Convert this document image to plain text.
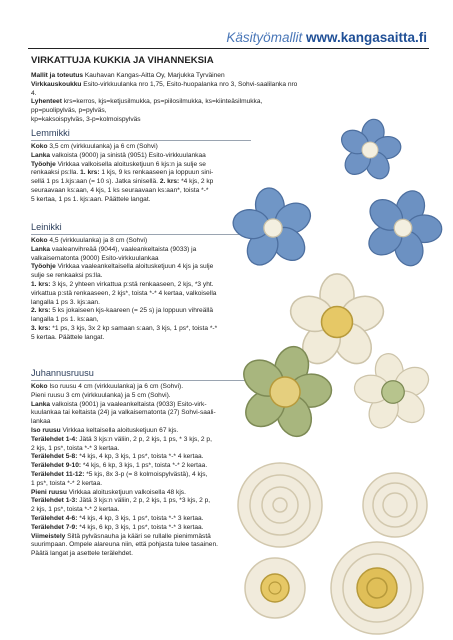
Käsityömallit www.kangasaitta.fi
VIRKATTUJA KUKKIA JA VIHANNEKSIA
Mallit ja toteutus Kauhavan Kangas-Aitta Oy, Marjukka Tyrväinen
Virkkauskoukku Esito-virkkuulanka nro 1,75, Esito-huopalanka nro 3, Sohvi-saalilanka nro 4.
Lyhenteet krs=kerros, kjs=ketjusilmukka, ps=piilosilmukka, ks=kiinteäsilmukka, pp=puolipylväs, p=pylväs,
kp=kaksoispylväs, 3-p=kolmoispylväs
Lemmikki
Koko 3,5 cm (virkkuulanka) ja 6 cm (Sohvi)
Lanka valkoista (9000) ja sinistä (9051) Esito-virkkuulankaa
Työohje Virkkaa valkoisella aloitusketjuun 6 kjs:n ja sulje se
renkaaksi ps:lla. 1. krs: 1 kjs, 9 ks renkaaseen ja loppuun sini-
sellä 1 ps 1.kjs:aan (= 10 s). Jatka sinisellä. 2. krs: *4 kjs, 2 kp
seuraavaan ks:aan, 4 kjs, 1 ks seuraavaan ks:aan*, toista *-*
5 kertaa, 1 ps 1. kjs:aan. Päättele langat.
Leinikki
Koko 4,5 (virkkuulanka) ja 8 cm (Sohvi)
Lanka vaaleanvihreää (9044), vaaleankeltaista (9033) ja
valkaisematonta (9000) Esito-virkkuulankaa
Työohje Virkkaa vaaleankeltaisella aloitusketjuun 4 kjs ja sulje
sulje se renkaaksi ps:lla.
1. krs: 3 kjs, 2 yhteen virkattua p:stä renkaaseen, 2 kjs, *3 yht.
virkattua p:stä renkaaseen, 2 kjs*, toista *-* 4 kertaa, valkoisella
langalla 1 ps 3. kjs:aan.
2. krs: 5 ks jokaiseen kjs-kaareen (= 25 s) ja loppuun vihreällä
langalla 1 ps 1. ks:aan,
3. krs: *1 ps, 3 kjs, 3x 2 kp samaan s:aan, 3 kjs, 1 ps*, toista *-*
5 kertaa. Päättele langat.
Juhannusruusu
Koko Iso ruusu 4 cm (virkkuulanka) ja 6 cm (Sohvi).
Pieni ruusu 3 cm (virkkuulanka) ja 5 cm (Sohvi).
Lanka valkoista (9001) ja vaaleankeltaista (9033) Esito-virk-
kuulankaa tai keltaista (24) ja valkaisematonta (27) Sohvi-saali-
lankaa
Iso ruusu Virkkaa keltaisella aloitusketjuun 67 kjs.
Terälehdet 1-4: Jätä 3 kjs:n väliin, 2 p, 2 kjs, 1 ps, * 3 kjs, 2 p,
2 kjs, 1 ps*, toista *-* 3 kertaa.
Terälehdet 5-8: *4 kjs, 4 kp, 3 kjs, 1 ps*, toista *-* 4 kertaa.
Terälehdet 9-10: *4 kjs, 6 kp, 3 kjs, 1 ps*, toista *-* 2 kertaa.
Terälehdet 11-12: *5 kjs, 8x 3-p (= 8 kolmoispylvästä), 4 kjs,
1 ps*, toista *-* 2 kertaa.
Pieni ruusu Virkkaa aloitusketjuun valkoisella 48 kjs.
Terälehdet 1-3: Jätä 3 kjs:n väliin, 2 p, 2 kjs, 1 ps, *3 kjs, 2 p,
2 kjs, 1 ps*, toista *-* 2 kertaa.
Terälehdet 4-6: *4 kjs, 4 kp, 3 kjs, 1 ps*, toista *-* 3 kertaa.
Terälehdet 7-9: *4 kjs, 6 kp, 3 kjs, 1 ps*, toista *-* 3 kertaa.
Viimeistely Siltä pylväsnauha ja kääri se rullalle pienimmästä
suurimpaan. Ompele alareuna niin, että pohjasta tulee tasainen.
Päätä langat ja asettele terälehdet.
